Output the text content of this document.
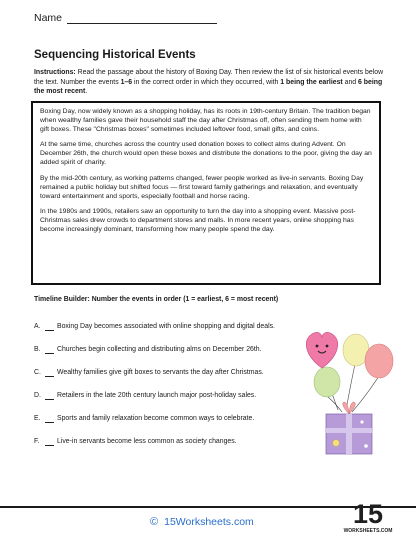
Name
Sequencing Historical Events

Instructions: Read the passage about the history of Boxing Day. Then review the list of six historical events below the text. Number the events 1–6 in the correct order in which they occurred, with 1 being the earliest and 6 being the most recent.

Boxing Day, now widely known as a shopping holiday, has its roots in 19th-century Britain. The tradition began when wealthy families gave their household staff the day after Christmas off, often sending them home with gift boxes. These "Christmas boxes" sometimes included leftover food, small gifts, and coins.

At the same time, churches across the country used donation boxes to collect alms during Advent. On December 26th, the church would open these boxes and distribute the donations to the poor, giving the day an added spirit of charity.

By the mid-20th century, as working patterns changed, fewer people worked as live-in servants. Boxing Day remained a public holiday but shifted focus — first toward family gatherings and relaxation, and eventually toward entertainment and sports, especially football and horse racing.

In the 1980s and 1990s, retailers saw an opportunity to turn the day into a shopping event. Massive post-Christmas sales drew crowds to department stores and malls. In more recent years, online shopping has become increasingly dominant, transforming how many people spend the day.

Timeline Builder: Number the events in order (1 = earliest, 6 = most recent)

A.	Boxing Day becomes associated with online shopping and digital deals.
B.	Churches begin collecting and distributing alms on December 26th.
C.	Wealthy families give gift boxes to servants the day after Christmas.
D.	Retailers in the late 20th century launch major post-holiday sales.
E.	Sports and family relaxation become common ways to celebrate.
F.	Live-in servants become less common as society changes.
© 15Worksheets.com	15
WORKSHEETS.COM
